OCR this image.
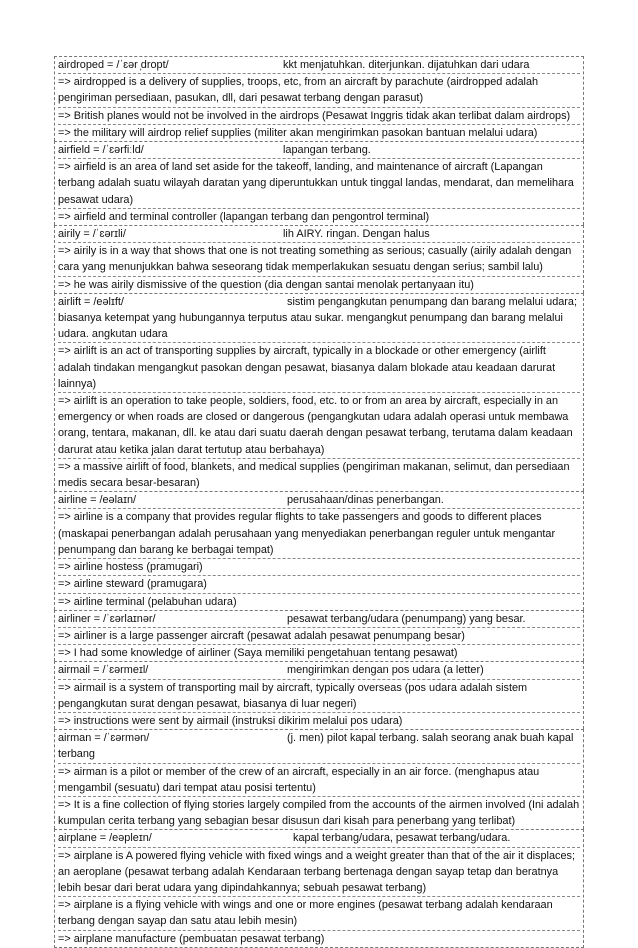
airdroped = /ˈɛər ̩dropt/	kkt menjatuhkan. diterjunkan. dijatuhkan dari udara
=> airdropped is a delivery of supplies, troops, etc, from an aircraft by parachute (airdropped adalah pengiriman persediaan, pasukan, dll, dari pesawat terbang dengan parasut)
=> British planes would not be involved in the airdrops (Pesawat Inggris tidak akan terlibat dalam airdrops)
=> the military will airdrop relief supplies (militer akan mengirimkan pasokan bantuan melalui udara)
airfield = /ˈɛərfiːld/	lapangan terbang.
=> airfield is an area of land set aside for the takeoff, landing, and maintenance of aircraft (Lapangan terbang adalah suatu wilayah daratan yang diperuntukkan untuk tinggal landas, mendarat, dan memelihara pesawat udara)
=> airfield and terminal controller (lapangan terbang dan pengontrol terminal)
airily = /ˈɛərɪli/	lih AIRY. ringan. Dengan halus
=> airily is in a way that shows that one is not treating something as serious; casually (airily adalah dengan cara yang menunjukkan bahwa seseorang tidak memperlakukan sesuatu dengan serius; sambil lalu)
=> he was airily dismissive of the question (dia dengan santai menolak pertanyaan itu)
airlift = /eəlɪft/	sistim pengangkutan penumpang dan barang melalui udara; biasanya ketempat yang hubungannya terputus atau sukar. mengangkut penumpang dan barang melalui udara. angkutan udara
=> airlift is an act of transporting supplies by aircraft, typically in a blockade or other emergency (airlift adalah tindakan mengangkut pasokan dengan pesawat, biasanya dalam blokade atau keadaan darurat lainnya)
=> airlift is an operation to take people, soldiers, food, etc. to or from an area by aircraft, especially in an emergency or when roads are closed or dangerous (pengangkutan udara adalah operasi untuk membawa orang, tentara, makanan, dll. ke atau dari suatu daerah dengan pesawat terbang, terutama dalam keadaan darurat atau ketika jalan darat tertutup atau berbahaya)
=> a massive airlift of food, blankets, and medical supplies (pengiriman makanan, selimut, dan persediaan medis secara besar-besaran)
airline = /eəlaɪn/	perusahaan/dinas penerbangan.
=> airline is a company that provides regular flights to take passengers and goods to different places (maskapai penerbangan adalah perusahaan yang menyediakan penerbangan reguler untuk mengantar penumpang dan barang ke berbagai tempat)
=> airline hostess (pramugari)
=> airline steward (pramugara)
=> airline terminal (pelabuhan udara)
airliner = /ˈɛərlaɪnər/	pesawat terbang/udara (penumpang) yang besar.
=> airliner is a large passenger aircraft (pesawat adalah pesawat penumpang besar)
=> I had some knowledge of airliner (Saya memiliki pengetahuan tentang pesawat)
airmail = /ˈɛərmeɪl/	mengirimkan dengan pos udara (a letter)
=> airmail is a system of transporting mail by aircraft, typically overseas (pos udara adalah sistem pengangkutan surat dengan pesawat, biasanya di luar negeri)
=> instructions were sent by airmail (instruksi dikirim melalui pos udara)
airman = /ˈɛərmən/	(j. men) pilot kapal terbang. salah seorang anak buah kapal terbang
=> airman is a pilot or member of the crew of an aircraft, especially in an air force. (menghapus atau mengambil (sesuatu) dari tempat atau posisi tertentu)
=> It is a fine collection of flying stories largely compiled from the accounts of the airmen involved (Ini adalah kumpulan cerita terbang yang sebagian besar disusun dari kisah para penerbang yang terlibat)
airplane = /eəpleɪn/	kapal terbang/udara, pesawat terbang/udara.
=> airplane is A powered flying vehicle with fixed wings and a weight greater than that of the air it displaces; an aeroplane (pesawat terbang adalah Kendaraan terbang bertenaga dengan sayap tetap dan beratnya lebih besar dari berat udara yang dipindahkannya; sebuah pesawat terbang)
=> airplane is a flying vehicle with wings and one or more engines (pesawat terbang adalah kendaraan terbang dengan sayap dan satu atau lebih mesin)
=> airplane manufacture (pembuatan pesawat terbang)
